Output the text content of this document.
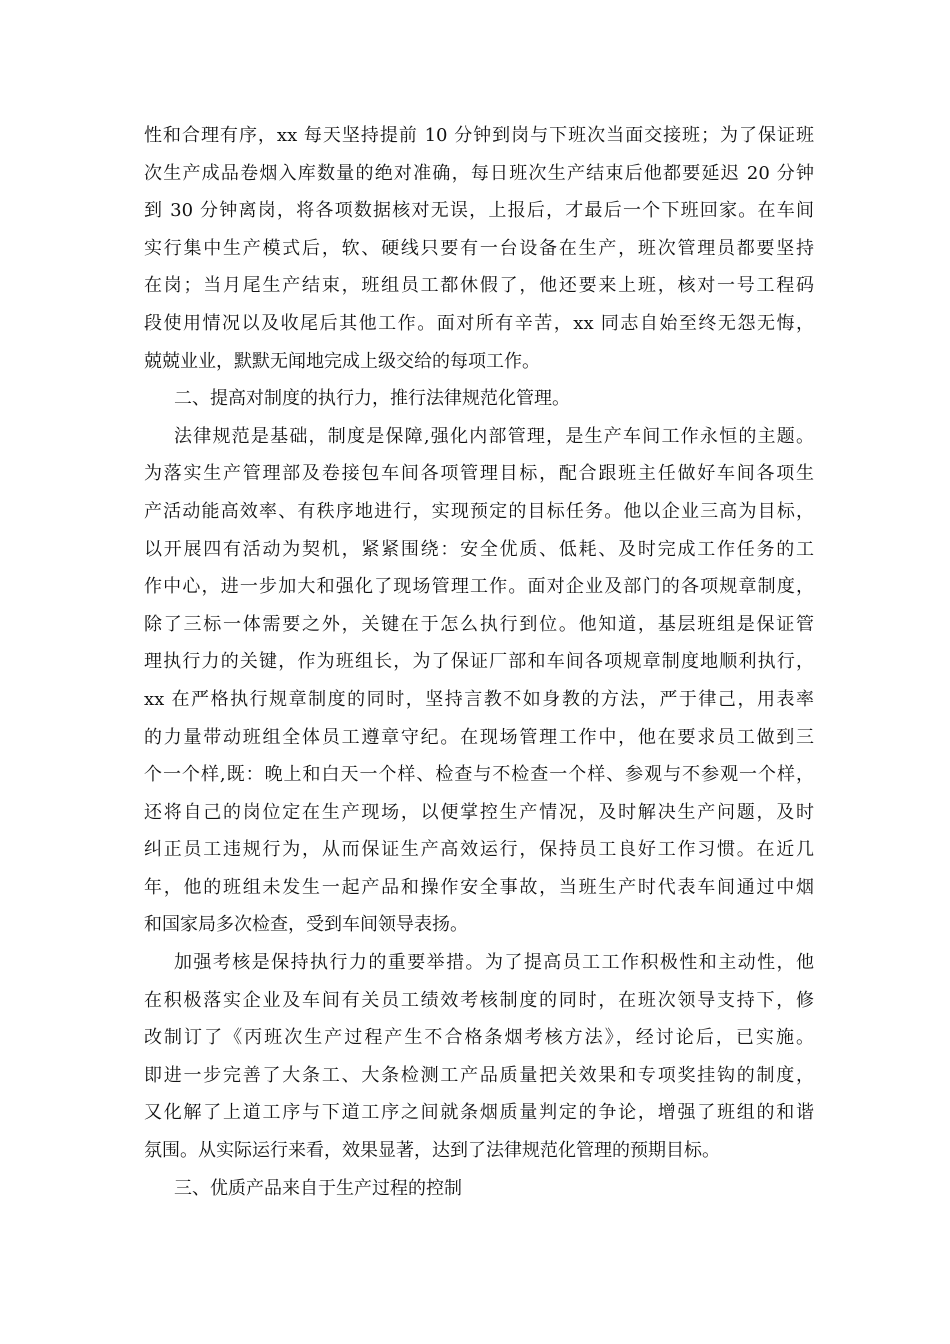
性和合理有序，xx 每天坚持提前 10 分钟到岗与下班次当面交接班；为了保证班
次生产成品卷烟入库数量的绝对准确，每日班次生产结束后他都要延迟 20 分钟
到 30 分钟离岗，将各项数据核对无误，上报后，才最后一个下班回家。在车间
实行集中生产模式后，软、硬线只要有一台设备在生产，班次管理员都要坚持
在岗；当月尾生产结束，班组员工都休假了，他还要来上班，核对一号工程码
段使用情况以及收尾后其他工作。面对所有辛苦，xx 同志自始至终无怨无悔，
兢兢业业，默默无闻地完成上级交给的每项工作。
二、提高对制度的执行力，推行法律规范化管理。
法律规范是基础，制度是保障,强化内部管理，是生产车间工作永恒的主题。
为落实生产管理部及卷接包车间各项管理目标，配合跟班主任做好车间各项生
产活动能高效率、有秩序地进行，实现预定的目标任务。他以企业三高为目标，
以开展四有活动为契机，紧紧围绕：安全优质、低耗、及时完成工作任务的工
作中心，进一步加大和强化了现场管理工作。面对企业及部门的各项规章制度，
除了三标一体需要之外，关键在于怎么执行到位。他知道，基层班组是保证管
理执行力的关键，作为班组长，为了保证厂部和车间各项规章制度地顺利执行，
xx 在严格执行规章制度的同时，坚持言教不如身教的方法，严于律己，用表率
的力量带动班组全体员工遵章守纪。在现场管理工作中，他在要求员工做到三
个一个样,既：晚上和白天一个样、检查与不检查一个样、参观与不参观一个样，
还将自己的岗位定在生产现场，以便掌控生产情况，及时解决生产问题，及时
纠正员工违规行为，从而保证生产高效运行，保持员工良好工作习惯。在近几
年，他的班组未发生一起产品和操作安全事故，当班生产时代表车间通过中烟
和国家局多次检查，受到车间领导表扬。
加强考核是保持执行力的重要举措。为了提高员工工作积极性和主动性，他
在积极落实企业及车间有关员工绩效考核制度的同时，在班次领导支持下，修
改制订了《丙班次生产过程产生不合格条烟考核方法》，经讨论后，已实施。
即进一步完善了大条工、大条检测工产品质量把关效果和专项奖挂钩的制度，
又化解了上道工序与下道工序之间就条烟质量判定的争论，增强了班组的和谐
氛围。从实际运行来看，效果显著，达到了法律规范化管理的预期目标。
三、优质产品来自于生产过程的控制
